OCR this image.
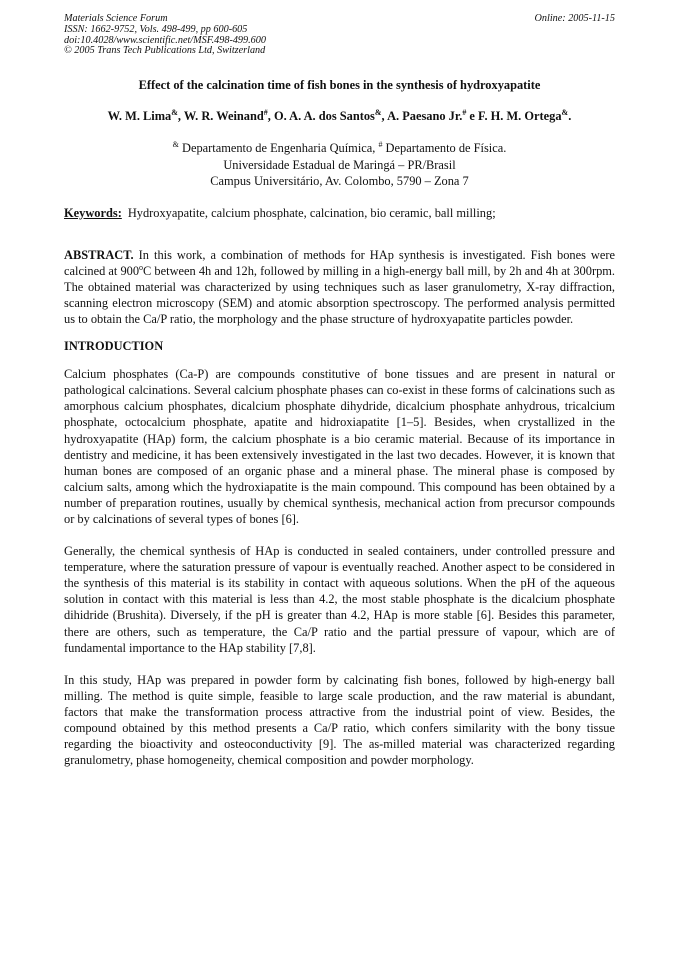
Materials Science Forum
ISSN: 1662-9752, Vols. 498-499, pp 600-605
doi:10.4028/www.scientific.net/MSF.498-499.600
© 2005 Trans Tech Publications Ltd, Switzerland
Online: 2005-11-15
Effect of the calcination time of fish bones in the synthesis of hydroxyapatite
W. M. Lima&, W. R. Weinand#, O. A. A. dos Santos&, A. Paesano Jr.# e F. H. M. Ortega&.
& Departamento de Engenharia Química, # Departamento de Física.
Universidade Estadual de Maringá – PR/Brasil
Campus Universitário, Av. Colombo, 5790 – Zona 7
Keywords: Hydroxyapatite, calcium phosphate, calcination, bio ceramic, ball milling;

ABSTRACT. In this work, a combination of methods for HAp synthesis is investigated. Fish bones were calcined at 900$^o$C between 4h and 12h, followed by milling in a high-energy ball mill, by 2h and 4h at 300rpm. The obtained material was characterized by using techniques such as laser granulometry, X-ray diffraction, scanning electron microscopy (SEM) and atomic absorption spectroscopy. The performed analysis permitted us to obtain the Ca/P ratio, the morphology and the phase structure of hydroxyapatite particles powder.

INTRODUCTION

Calcium phosphates (Ca-P) are compounds constitutive of bone tissues and are present in natural or pathological calcinations. Several calcium phosphate phases can co-exist in these forms of calcinations such as amorphous calcium phosphates, dicalcium phosphate dihydride, dicalcium phosphate anhydrous, tricalcium phosphate, octocalcium phosphate, apatite and hidroxiapatite [1–5]. Besides, when crystallized in the hydroxyapatite (HAp) form, the calcium phosphate is a bio ceramic material. Because of its importance in dentistry and medicine, it has been extensively investigated in the last two decades. However, it is known that human bones are composed of an organic phase and a mineral phase. The mineral phase is composed by calcium salts, among which the hydroxiapatite is the main compound. This compound has been obtained by a number of preparation routines, usually by chemical synthesis, mechanical action from precursor compounds or by calcinations of several types of bones [6].

Generally, the chemical synthesis of HAp is conducted in sealed containers, under controlled pressure and temperature, where the saturation pressure of vapour is eventually reached. Another aspect to be considered in the synthesis of this material is its stability in contact with aqueous solutions. When the pH of the aqueous solution in contact with this material is less than 4.2, the most stable phosphate is the dicalcium phosphate dihidride (Brushita). Diversely, if the pH is greater than 4.2, HAp is more stable [6]. Besides this parameter, there are others, such as temperature, the Ca/P ratio and the partial pressure of vapour, which are of fundamental importance to the HAp stability [7,8].

In this study, HAp was prepared in powder form by calcinating fish bones, followed by high-energy ball milling. The method is quite simple, feasible to large scale production, and the raw material is abundant, factors that make the transformation process attractive from the industrial point of view. Besides, the compound obtained by this method presents a Ca/P ratio, which confers similarity with the bony tissue regarding the bioactivity and osteoconductivity [9]. The as-milled material was characterized regarding granulometry, phase homogeneity, chemical composition and powder morphology.
